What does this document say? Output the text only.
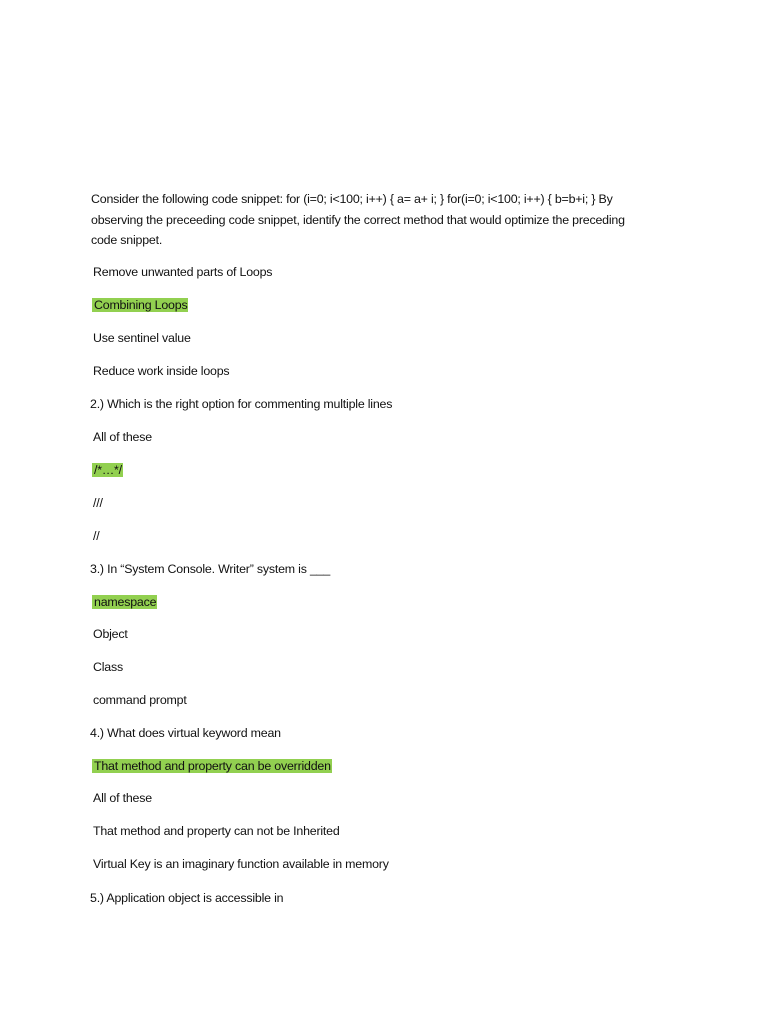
Consider the following code snippet: for (i=0; i<100; i++) { a= a+ i; } for(i=0; i<100; i++) { b=b+i; } By
observing the preceeding code snippet, identify the correct method that would optimize the preceding
code snippet.
Remove unwanted parts of Loops
Combining Loops
Use sentinel value
Reduce work inside loops
2.) Which is the right option for commenting multiple lines
All of these
/*…*/
///
//
3.) In “System Console. Writer” system is ___
namespace
Object
Class
command prompt
4.) What does virtual keyword mean
That method and property can be overridden
All of these
That method and property can not be Inherited
Virtual Key is an imaginary function available in memory
5.) Application object is accessible in
